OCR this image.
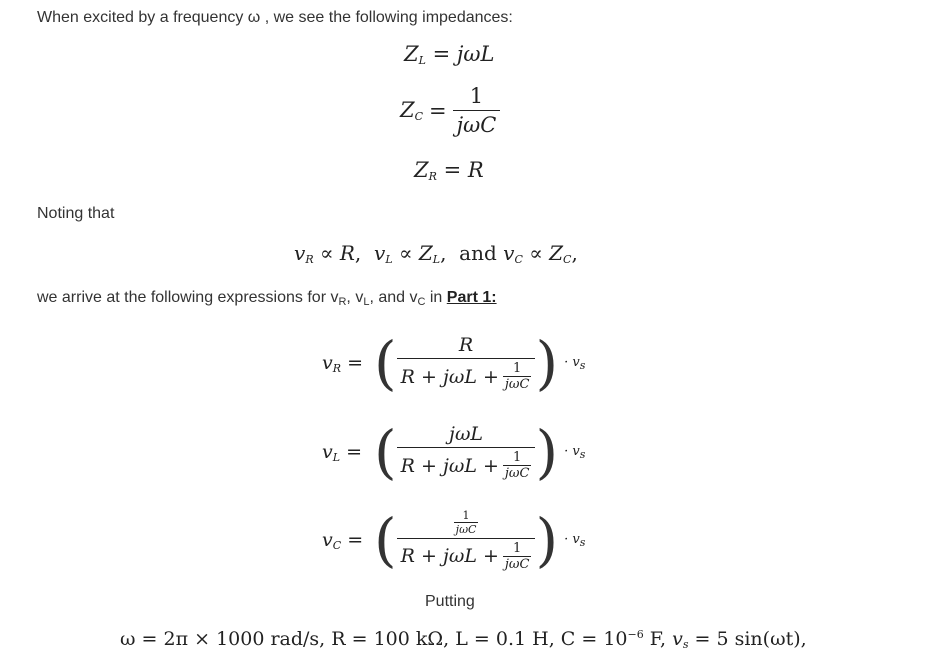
When excited by a frequency ω , we see the following impedances:
$Z_L = j\omega L$
$Z_C = \frac{1}{\text{jωC}}$
$Z_R = R$
Noting that
$v_R \propto R$,  $v_L \propto Z_L$,  and $v_C \propto Z_C$,
we arrive at the following expressions for $v_R$, $v_L$, and $v_C$ in Part 1:
$v_R$ = ( $\frac{R}{R + j\omega L + \frac{1}{\text{jωC}}}$ ) · $v_s$
$v_L$ = ( $\frac{\text{jωL}}{R + j\omega L + \frac{1}{\text{jωC}}}$ ) · $v_s$
$v_C$ = ( $\frac{\frac{1}{\text{jωC}}}{R + j\omega L + \frac{1}{\text{jωC}}}$ ) · $v_s$
Putting
ω = 2π × 1000 rad/s, R = 100 kΩ, L = 0.1 H, $C = 10^{-6}$ F, $v_s = 5$ sin(ωt),
